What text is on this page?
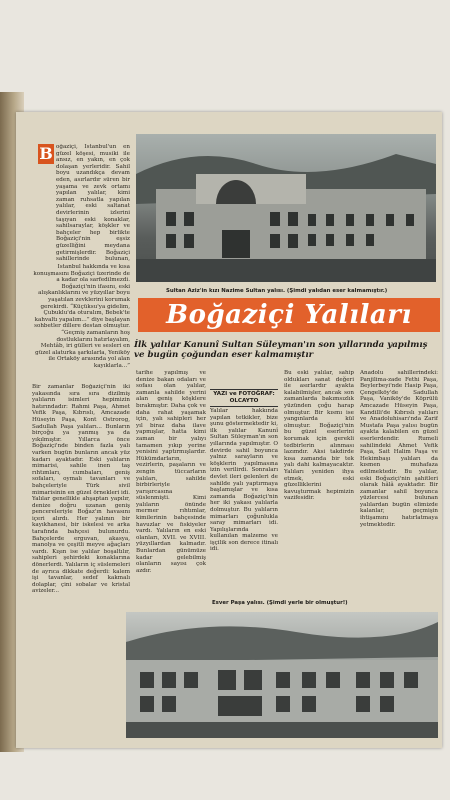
B oğaziçi, İstanbul'un en güzel köşesi, musiki ile ansız, en yakın, en çok dolaşan yerleridir. Sahil boyu uzandıkça devam eden, asırlardır süren bir yaşama ve zevk ortamı yapılan yalılar, kimi zaman ruhsatla yapılan yalılar, eski saltanat devirlerinin izlerini taşıyan eski konaklar, sahilsaraylar, köşkler ve bahçeler hep birlikte Boğaziçi'nin eşsiz güzelliğini meydana getirmişlerdir. Boğaziçi sahillerinde bulunan,

İstanbul hakkında ve kısa konuşmasını Boğaziçi üzerinde de a kadar ola sarfedilmezdi. Boğaziçi'nin ifasını, eski alışkanlıklarını ve yüzyıllar boyu yaşatılan zevklerini korumak gerekirdi. “Küçüksu'ya gidelim, Çubuklu'da oturalım, Bebek'te kahvaltı yapalım...” diye başlayan sohbetler dillere destan olmuştur. “Geçmiş zamanların hoş dostluklarını hatırlayalım, Mehtâb, iri gülleri ve sesleri en güzel alaturka şarkılarla, Yeniköy ile Ortaköy arasında yol alan kayıklarla...”

Bir zamanlar Boğaziçi'nin iki yakasında sıra sıra dizilmiş yalıların isimleri hepimizin hatırındadır: Rahmi Paşa, Ahmet Vefik Paşa, Kıbrıslı, Amcazade Hüseyin Paşa, Kont Ostrorog, Sadullah Paşa yalıları... Bunların birçoğu ya yanmış ya da yıkılmıştır. Yıllarca önce Boğaziçi'nde binden fazla yalı varken bugün bunların ancak yüz kadarı ayaktadır. Eski yalıların mimarisi, sahile inen taş rıhtımları, cumbaları, geniş sofaları, oymalı tavanları ve bahçeleriyle Türk sivil mimarisinin en güzel örnekleri idi. Yalılar genellikle ahşaptan yapılır, denize doğru uzanan geniş pencereleriyle Boğaz'ın havasını içeri alırdı. Her yalının bir kayıkhanesi, bir iskelesi ve arka tarafında bahçesi bulunurdu. Bahçelerde erguvan, akasya, manolya ve çeşitli meyve ağaçları vardı. Kışın ise yalılar boşaltılır, sahipleri şehirdeki konaklarına dönerlerdi. Yalıların iç süslemeleri de ayrıca dikkate değerdi: kalem işi tavanlar, sedef kakmalı dolaplar, çini sobalar ve kristal avizeler...

Sultan Aziz'in kızı Nazime Sultan yalısı. (Şimdi yalıdan eser kalmamıştır.)
Boğaziçi Yalıları
İlk yalılar Kanunî Sultan Süleyman'ın son yıllarında yapılmış ve bugün çoğundan eser kalmamıştır

tarihe yapılmış ve denize bakan odaları ve sofası olan yalılar, zamanla sahilde yerini alan geniş köşklere bırakmıştır. Daha çok ve daha rahat yaşamak için, yalı sahipleri her yıl biraz daha ilave yapmışlar, hatta kimi zaman bir yalıyı tamamen yıkıp yerine yenisini yaptırmışlardır. Hükümdarların, vezirlerin, paşaların ve zengin tüccarların yalıları, sahilde birbirleriyle yarışırcasına süslenmişti. Kimi yalıların önünde mermer rıhtımlar, kimilerinin bahçesinde havuzlar ve fıskiyeler vardı. Yalıların en eski olanları, XVII. ve XVIII. yüzyıllardan kalmadır. Bunlardan günümüze kadar gelebilmiş olanların sayısı çok azdır.

YAZI ve FOTOĞRAF:
OLCAYTO

Yalılar hakkında yapılan tetkikler, bize şunu göstermektedir ki, ilk yalılar Kanunî Sultan Süleyman'ın son yıllarında yapılmıştır. O devirde sahil boyunca yalnız sarayların ve köşklerin yapılmasına izin verilirdi. Sonraları devlet ileri gelenleri de sahilde yalı yaptırmaya başlamışlar ve kısa zamanda Boğaziçi'nin her iki yakası yalılarla dolmuştur. Bu yalıların mimarları çoğunlukla saray mimarları idi. Yapılışlarında kullanılan malzeme ve işçilik son derece itinalı idi.

Bu eski yalılar, sahip oldukları sanat değeri ile asırlardır ayakta kalabilmişler, ancak son zamanlarda bakımsızlık yüzünden çoğu harap olmuştur. Bir kısmı ise yangınlarda kül olmuştur. Boğaziçi'nin bu güzel eserlerini korumak için gerekli tedbirlerin alınması lazımdır. Aksi takdirde kısa zamanda bir tek yalı dahi kalmayacaktır. Yalıları yeniden ihya etmek, eski güzelliklerini kavuşturmak hepimizin vazifesidir.

Anadolu sahillerindeki: Panjilima-zade Fethi Paşa, Beylerbeyi'nde Hasip Paşa, Çengelköy'de Sadullah Paşa, Vaniköy'de Köprülü Amcazade Hüseyin Paşa, Kandilli'de Kıbrıslı yalıları ve Anadoluhisarı'nda Zarif Mustafa Paşa yalısı bugün ayakta kalabilen en güzel eserlerdendir. Rumeli sahilindeki Ahmet Vefik Paşa, Sait Halim Paşa ve Hekimbaşı yalıları da kısmen muhafaza edilmektedir. Bu yalılar, eski Boğaziçi'nin şahitleri olarak hâlâ ayaktadır. Bir zamanlar sahil boyunca yüzlercesi bulunan yalılardan bugün elimizde kalanlar, geçmişin ihtişamını hatırlatmaya yetmektedir.

Esver Paşa yalısı. (Şimdi yerle bir olmuştur!)
